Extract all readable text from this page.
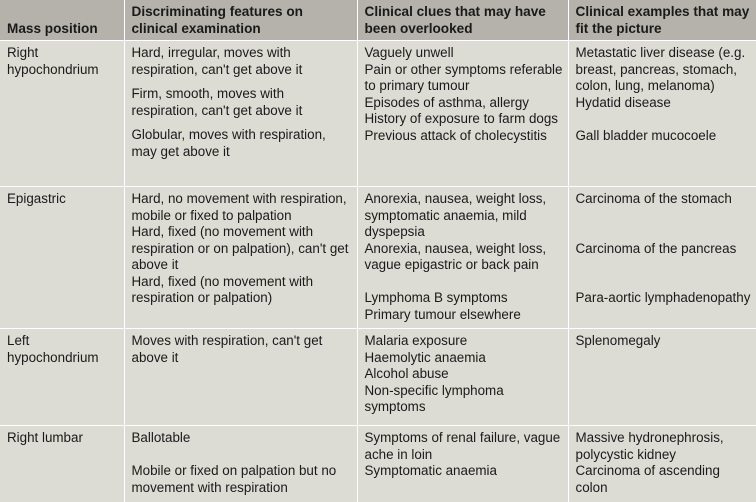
Mass position	Discriminating features on clinical examination	Clinical clues that may have been overlooked	Clinical examples that may fit the picture

Right hypochondrium	Hard, irregular, moves with respiration, can't get above it
Firm, smooth, moves with respiration, can't get above it
Globular, moves with respiration, may get above it	Vaguely unwell
Pain or other symptoms referable to primary tumour
Episodes of asthma, allergy
History of exposure to farm dogs
Previous attack of cholecystitis	Metastatic liver disease (e.g. breast, pancreas, stomach, colon, lung, melanoma)
Hydatid disease
Gall bladder mucocoele

Epigastric	Hard, no movement with respiration, mobile or fixed to palpation
Hard, fixed (no movement with respiration or on palpation), can't get above it
Hard, fixed (no movement with respiration or palpation)	Anorexia, nausea, weight loss, symptomatic anaemia, mild dyspepsia
Anorexia, nausea, weight loss, vague epigastric or back pain
Lymphoma B symptoms
Primary tumour elsewhere	Carcinoma of the stomach
Carcinoma of the pancreas
Para-aortic lymphadenopathy

Left hypochondrium	Moves with respiration, can't get above it	Malaria exposure
Haemolytic anaemia
Alcohol abuse
Non-specific lymphoma symptoms	Splenomegaly

Right lumbar	Ballotable
Mobile or fixed on palpation but no movement with respiration	Symptoms of renal failure, vague ache in loin
Symptomatic anaemia	Massive hydronephrosis, polycystic kidney
Carcinoma of ascending colon
